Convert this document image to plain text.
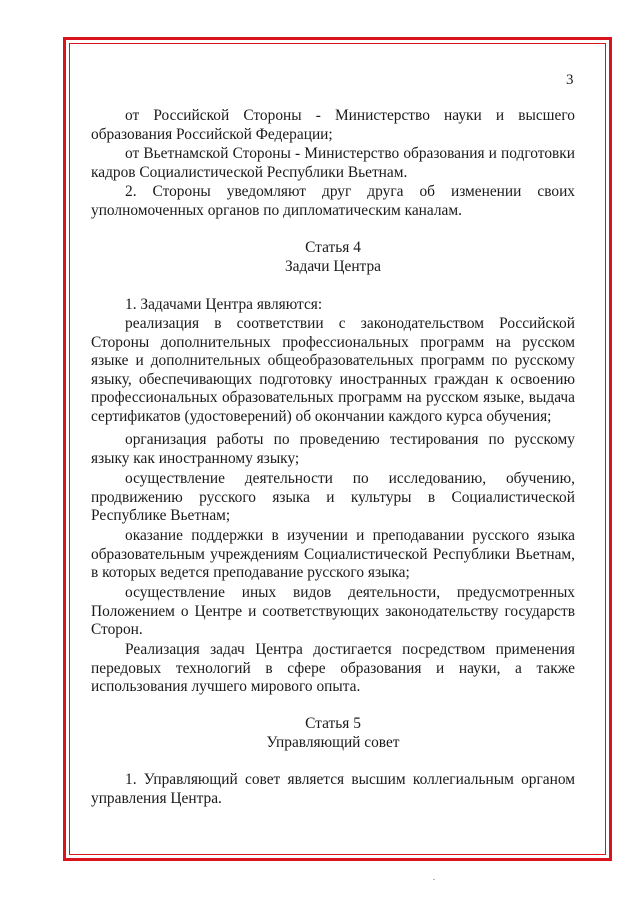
3

от Российской Стороны - Министерство науки и высшего образования Российской Федерации;

от Вьетнамской Стороны - Министерство образования и подготовки кадров Социалистической Республики Вьетнам.

2. Стороны уведомляют друг друга об изменении своих уполномоченных органов по дипломатическим каналам.

Статья 4

Задачи Центра

1. Задачами Центра являются:

реализация в соответствии с законодательством Российской Стороны дополнительных профессиональных программ на русском языке и дополнительных общеобразовательных программ по русскому языку, обеспечивающих подготовку иностранных граждан к освоению профессиональных образовательных программ на русском языке, выдача сертификатов (удостоверений) об окончании каждого курса обучения;

организация работы по проведению тестирования по русскому языку как иностранному языку;

осуществление деятельности по исследованию, обучению, продвижению русского языка и культуры в Социалистической Республике Вьетнам;

оказание поддержки в изучении и преподавании русского языка образовательным учреждениям Социалистической Республики Вьетнам, в которых ведется преподавание русского языка;

осуществление иных видов деятельности, предусмотренных Положением о Центре и соответствующих законодательству государств Сторон.

Реализация задач Центра достигается посредством применения передовых технологий в сфере образования и науки, а также использования лучшего мирового опыта.

Статья 5

Управляющий совет

1. Управляющий совет является высшим коллегиальным органом управления Центра.
